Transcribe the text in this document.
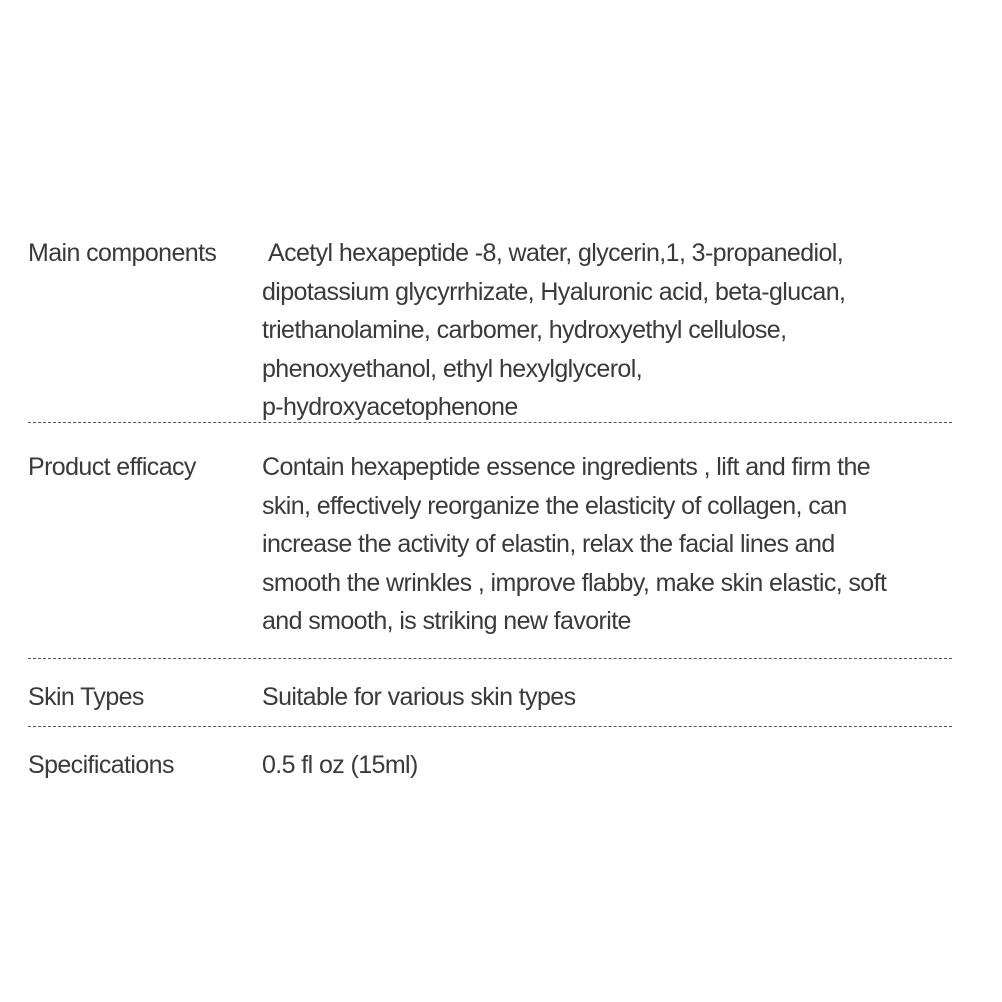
Main components	Acetyl hexapeptide -8, water, glycerin,1, 3-propanediol,
dipotassium glycyrrhizate, Hyaluronic acid, beta-glucan,
triethanolamine, carbomer, hydroxyethyl cellulose,
phenoxyethanol, ethyl hexylglycerol,
p-hydroxyacetophenone
Product efficacy	Contain hexapeptide essence ingredients , lift and firm the
skin, effectively reorganize the elasticity of collagen, can
increase the activity of elastin, relax the facial lines and
smooth the wrinkles , improve flabby, make skin elastic, soft
and smooth, is striking new favorite
Skin Types	Suitable for various skin types
Specifications	0.5 fl oz (15ml)
